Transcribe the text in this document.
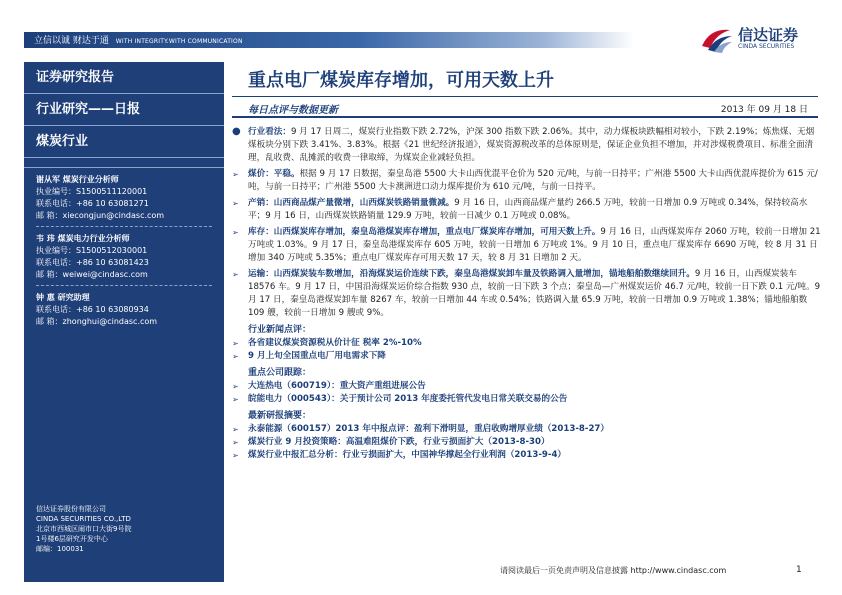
立信以诚 财达于通 WITH INTEGRITY.WITH COMMUNICATION	信达证券
CINDA SECURITIES
证券研究报告
行业研究——日报
煤炭行业
谢从军 煤炭行业分析师
执业编号：S1500511120001
联系电话：+86 10 63081271
邮 箱：xiecongjun@cindasc.com
韦 玮 煤炭电力行业分析师
执业编号：S1500512030001
联系电话：+86 10 63081423
邮 箱：weiwei@cindasc.com
钟 惠 研究助理
联系电话：+86 10 63080934
邮 箱：zhonghui@cindasc.com
信达证券股份有限公司
CINDA SECURITIES CO.,LTD
北京市西城区闹市口大街9号院
1号楼6层研究开发中心
邮编：100031
重点电厂煤炭库存增加，可用天数上升
每日点评与数据更新	2013 年 09 月 18 日
● 行业看法：9 月 17 日周二，煤炭行业指数下跌 2.72%，沪深 300 指数下跌 2.06%。其中，动力煤板块跌幅相对较小，下跌 2.19%；炼焦煤、无烟煤板块分别下跌 3.41%、3.83%。根据《21 世纪经济报道》，煤炭资源税改革的总体原则是，保证企业负担不增加，并对涉煤税费项目、标准全面清理，乱收费、乱摊派的收费一律取缔，为煤炭企业减轻负担。
➢ 煤价：平稳。根据 9 月 17 日数据，秦皇岛港 5500 大卡山西优混平仓价为 520 元/吨，与前一日持平；广州港 5500 大卡山西优混库提价为 615 元/吨，与前一日持平；广州港 5500 大卡澳洲进口动力煤库提价为 610 元/吨，与前一日持平。
➢ 产销：山西商品煤产量微增，山西煤炭铁路销量微减。9 月 16 日，山西商品煤产量约 266.5 万吨，较前一日增加 0.9 万吨或 0.34%，保持较高水平；9 月 16 日，山西煤炭铁路销量 129.9 万吨，较前一日减少 0.1 万吨或 0.08%。
➢ 库存：山西煤炭库存增加，秦皇岛港煤炭库存增加，重点电厂煤炭库存增加，可用天数上升。9 月 16 日，山西煤炭库存 2060 万吨，较前一日增加 21 万吨或 1.03%。9 月 17 日，秦皇岛港煤炭库存 605 万吨，较前一日增加 6 万吨或 1%。9 月 10 日，重点电厂煤炭库存 6690 万吨，较 8 月 31 日增加 340 万吨或 5.35%；重点电厂煤炭库存可用天数 17 天，较 8 月 31 日增加 2 天。
➢ 运输：山西煤炭装车数增加，沿海煤炭运价连续下跌，秦皇岛港煤炭卸车量及铁路调入量增加，锚地船舶数继续回升。9 月 16 日，山西煤炭装车 18576 车。9 月 17 日，中国沿海煤炭运价综合指数 930 点，较前一日下跌 3 个点；秦皇岛—广州煤炭运价 46.7 元/吨，较前一日下跌 0.1 元/吨。9 月 17 日，秦皇岛港煤炭卸车量 8267 车，较前一日增加 44 车或 0.54%；铁路调入量 65.9 万吨，较前一日增加 0.9 万吨或 1.38%；锚地船舶数 109 艘，较前一日增加 9 艘或 9%。
行业新闻点评：
➢ 各省建议煤炭资源税从价计征 税率 2%-10%
➢ 9 月上旬全国重点电厂用电需求下降
重点公司跟踪：
➢ 大连热电（600719）：重大资产重组进展公告
➢ 皖能电力（000543）：关于预计公司 2013 年度委托管代发电日常关联交易的公告
最新研报摘要：
➢ 永泰能源（600157）2013 年中报点评：盈利下滑明显，重启收购增厚业绩（2013-8-27）
➢ 煤炭行业 9 月投资策略：高温难阻煤价下跌，行业亏损面扩大（2013-8-30）
➢ 煤炭行业中报汇总分析：行业亏损面扩大，中国神华撑起全行业利润（2013-9-4）
请阅读最后一页免责声明及信息披露 http://www.cindasc.com	1
